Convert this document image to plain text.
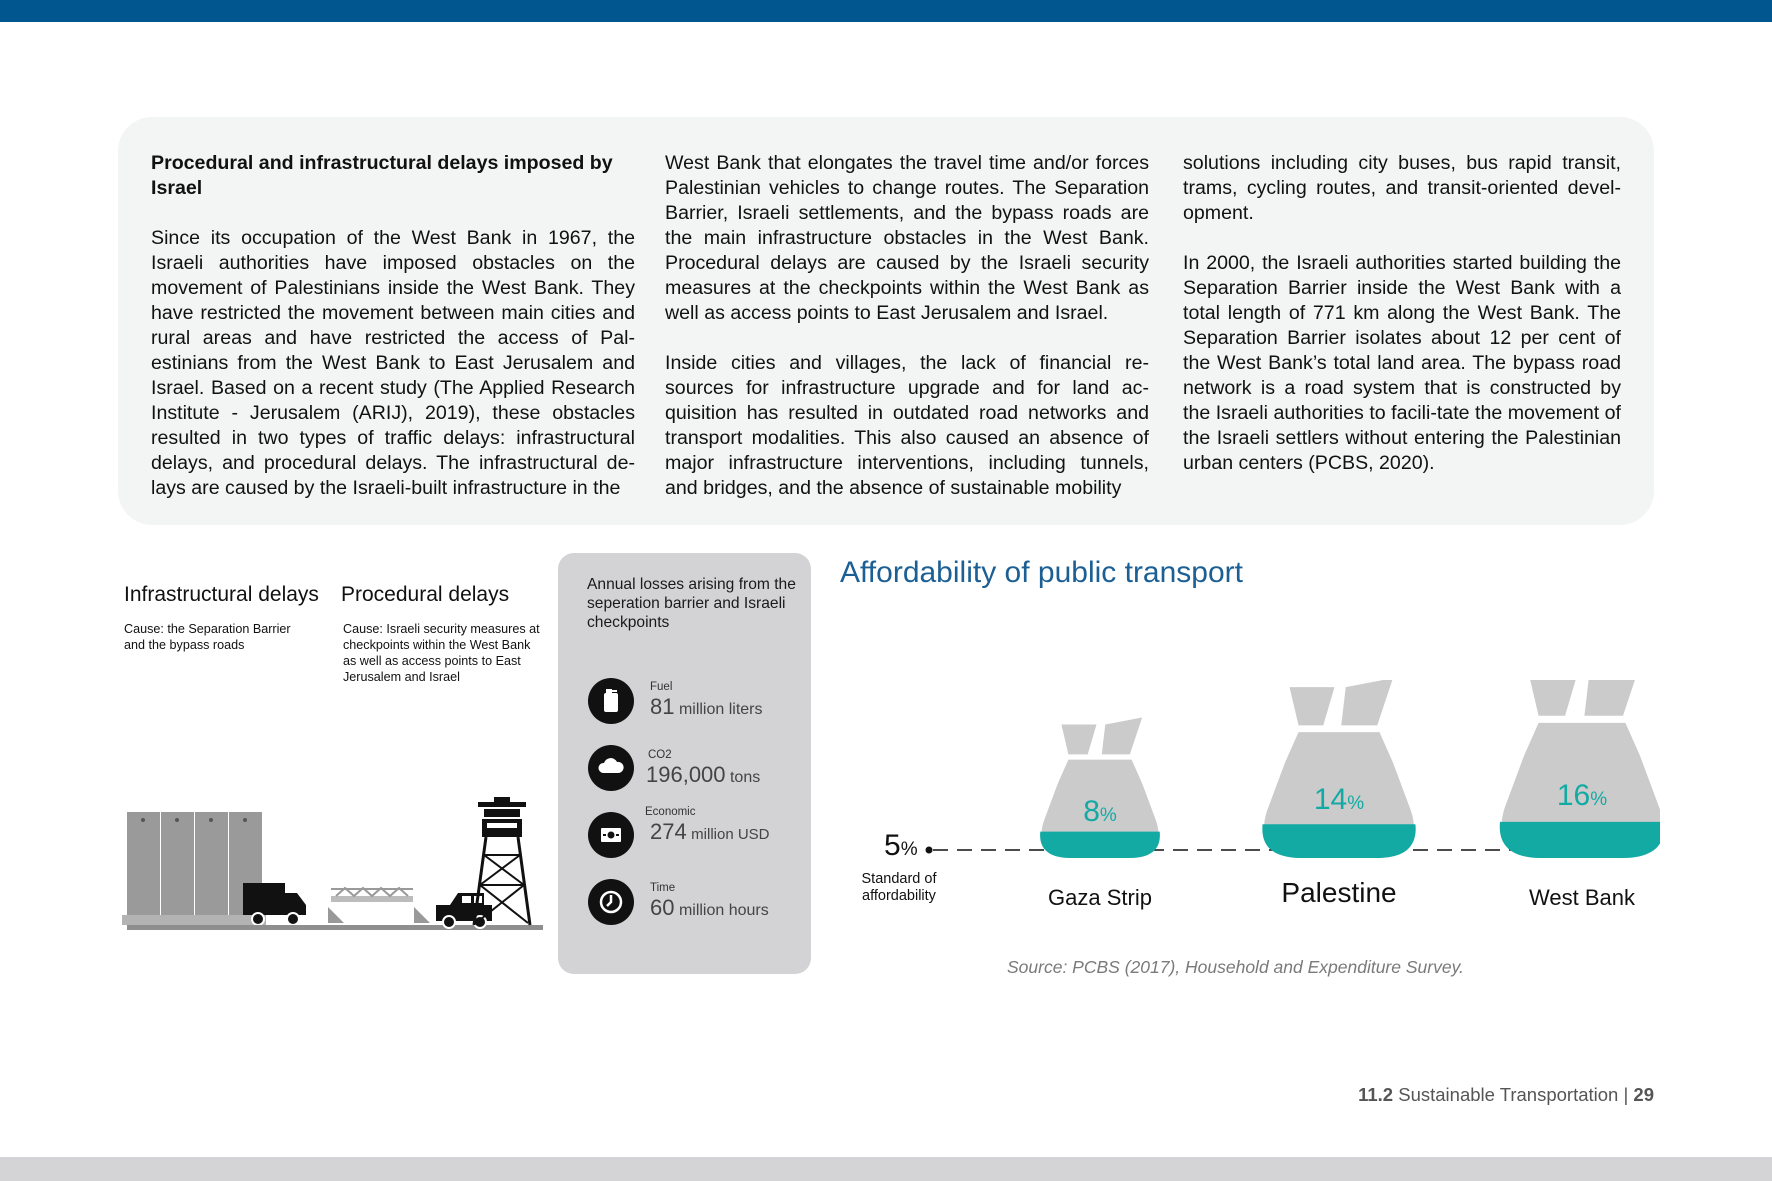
Procedural and infrastructural delays imposed by Israel

Since its occupation of the West Bank in 1967, the Israeli authorities have imposed obstacles on the movement of Palestinians inside the West Bank. They have restricted the movement between main cities and rural areas and have restricted the access of Pal-estinians from the West Bank to East Jerusalem and Israel. Based on a recent study (The Applied Research Institute - Jerusalem (ARIJ), 2019), these obstacles resulted in two types of traffic delays: infrastructural delays, and procedural delays. The infrastructural de-lays are caused by the Israeli-built infrastructure in the

West Bank that elongates the travel time and/or forces Palestinian vehicles to change routes. The Separation Barrier, Israeli settlements, and the bypass roads are the main infrastructure obstacles in the West Bank. Procedural delays are caused by the Israeli security measures at the checkpoints within the West Bank as well as access points to East Jerusalem and Israel.

Inside cities and villages, the lack of financial re-sources for infrastructure upgrade and for land ac-quisition has resulted in outdated road networks and transport modalities. This also caused an absence of major infrastructure interventions, including tunnels, and bridges, and the absence of sustainable mobility

solutions including city buses, bus rapid transit, trams, cycling routes, and transit-oriented devel-opment.

In 2000, the Israeli authorities started building the Separation Barrier inside the West Bank with a total length of 771 km along the West Bank. The Separation Barrier isolates about 12 per cent of the West Bank’s total land area. The bypass road network is a road system that is constructed by the Israeli authorities to facili-tate the movement of the Israeli settlers without entering the Palestinian urban centers (PCBS, 2020).

Infrastructural delays
Cause: the Separation Barrier and the bypass roads
Procedural delays
Cause: Israeli security measures at checkpoints within the West Bank as well as access points to East Jerusalem and Israel
Annual losses arising from the seperation barrier and Israeli checkpoints
Fuel
81 million liters
CO2
196,000 tons
Economic
274 million USD
Time
60 million hours
Affordability of public transport
5%
Standard of
affordability
8%
Gaza Strip
14%
Palestine
16%
West Bank
Source: PCBS (2017), Household and Expenditure Survey.
11.2 Sustainable Transportation | 29
